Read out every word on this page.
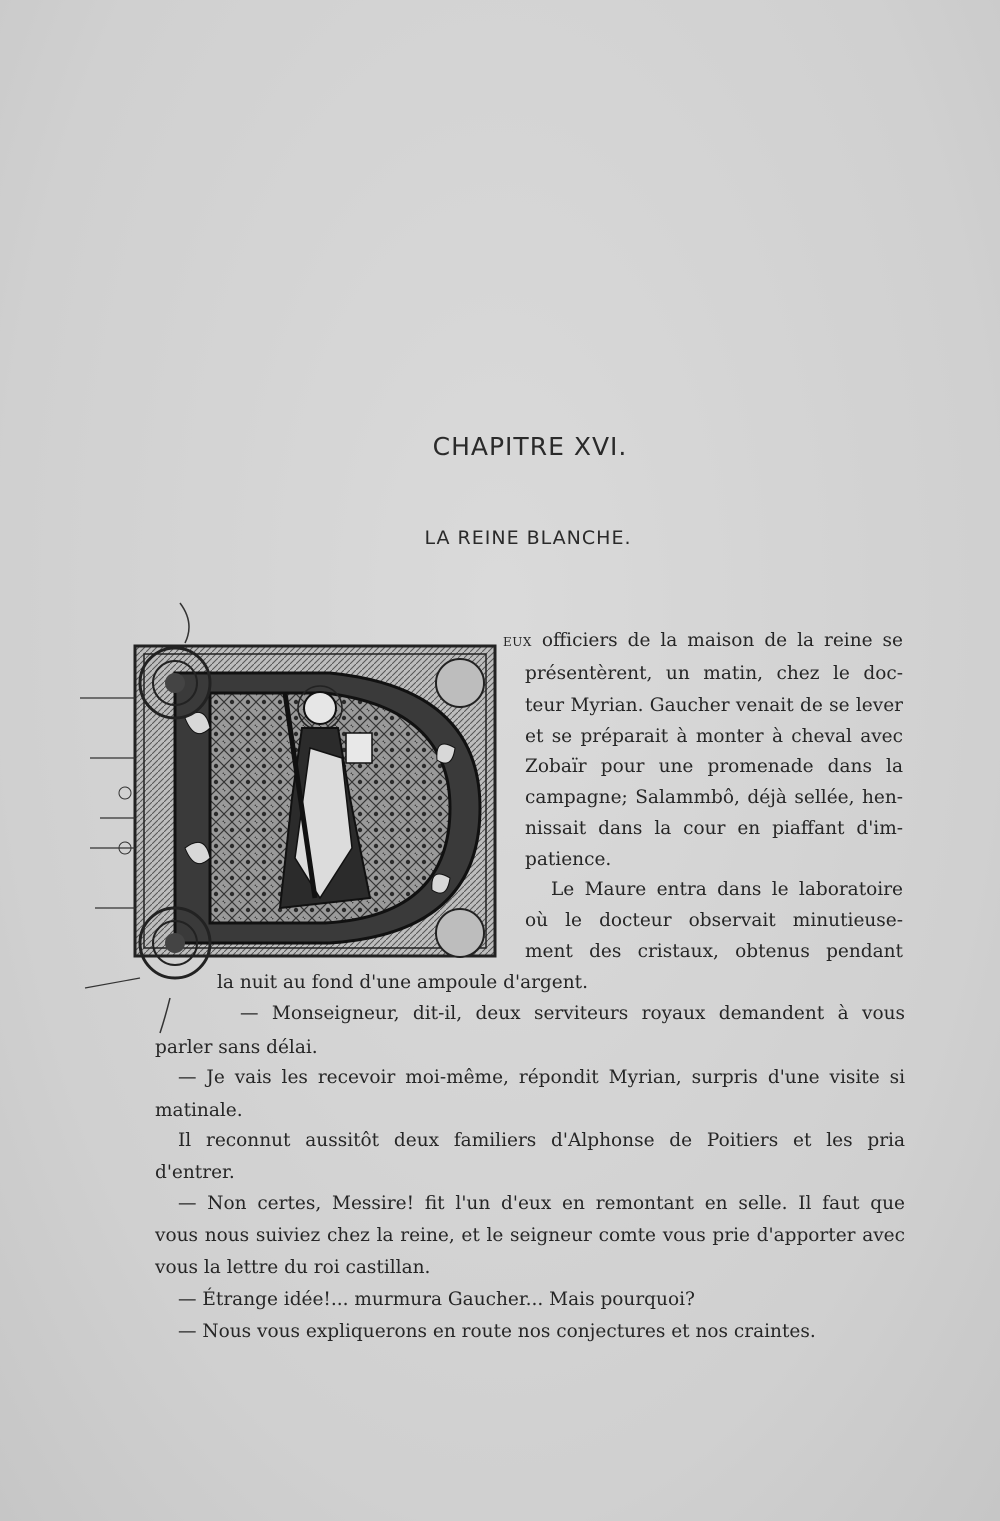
CHAPITRE XVI.
LA REINE BLANCHE.
D
EUX officiers de la maison de la reine se
présentèrent, un matin, chez le doc-
teur Myrian. Gaucher venait de se lever
et se préparait à monter à cheval avec
Zobaïr pour une promenade dans la
campagne; Salammbô, déjà sellée, hen-
nissait dans la cour en piaffant d'im-
patience.
Le Maure entra dans le laboratoire
où le docteur observait minutieuse-
ment des cristaux, obtenus pendant
la nuit au fond d'une ampoule d'argent.
— Monseigneur, dit-il, deux serviteurs royaux demandent à vous
parler sans délai.
— Je vais les recevoir moi-même, répondit Myrian, surpris d'une visite si
matinale.
Il reconnut aussitôt deux familiers d'Alphonse de Poitiers et les pria
d'entrer.
— Non certes, Messire! fit l'un d'eux en remontant en selle. Il faut que
vous nous suiviez chez la reine, et le seigneur comte vous prie d'apporter avec
vous la lettre du roi castillan.
— Étrange idée!... murmura Gaucher... Mais pourquoi?
— Nous vous expliquerons en route nos conjectures et nos craintes.
